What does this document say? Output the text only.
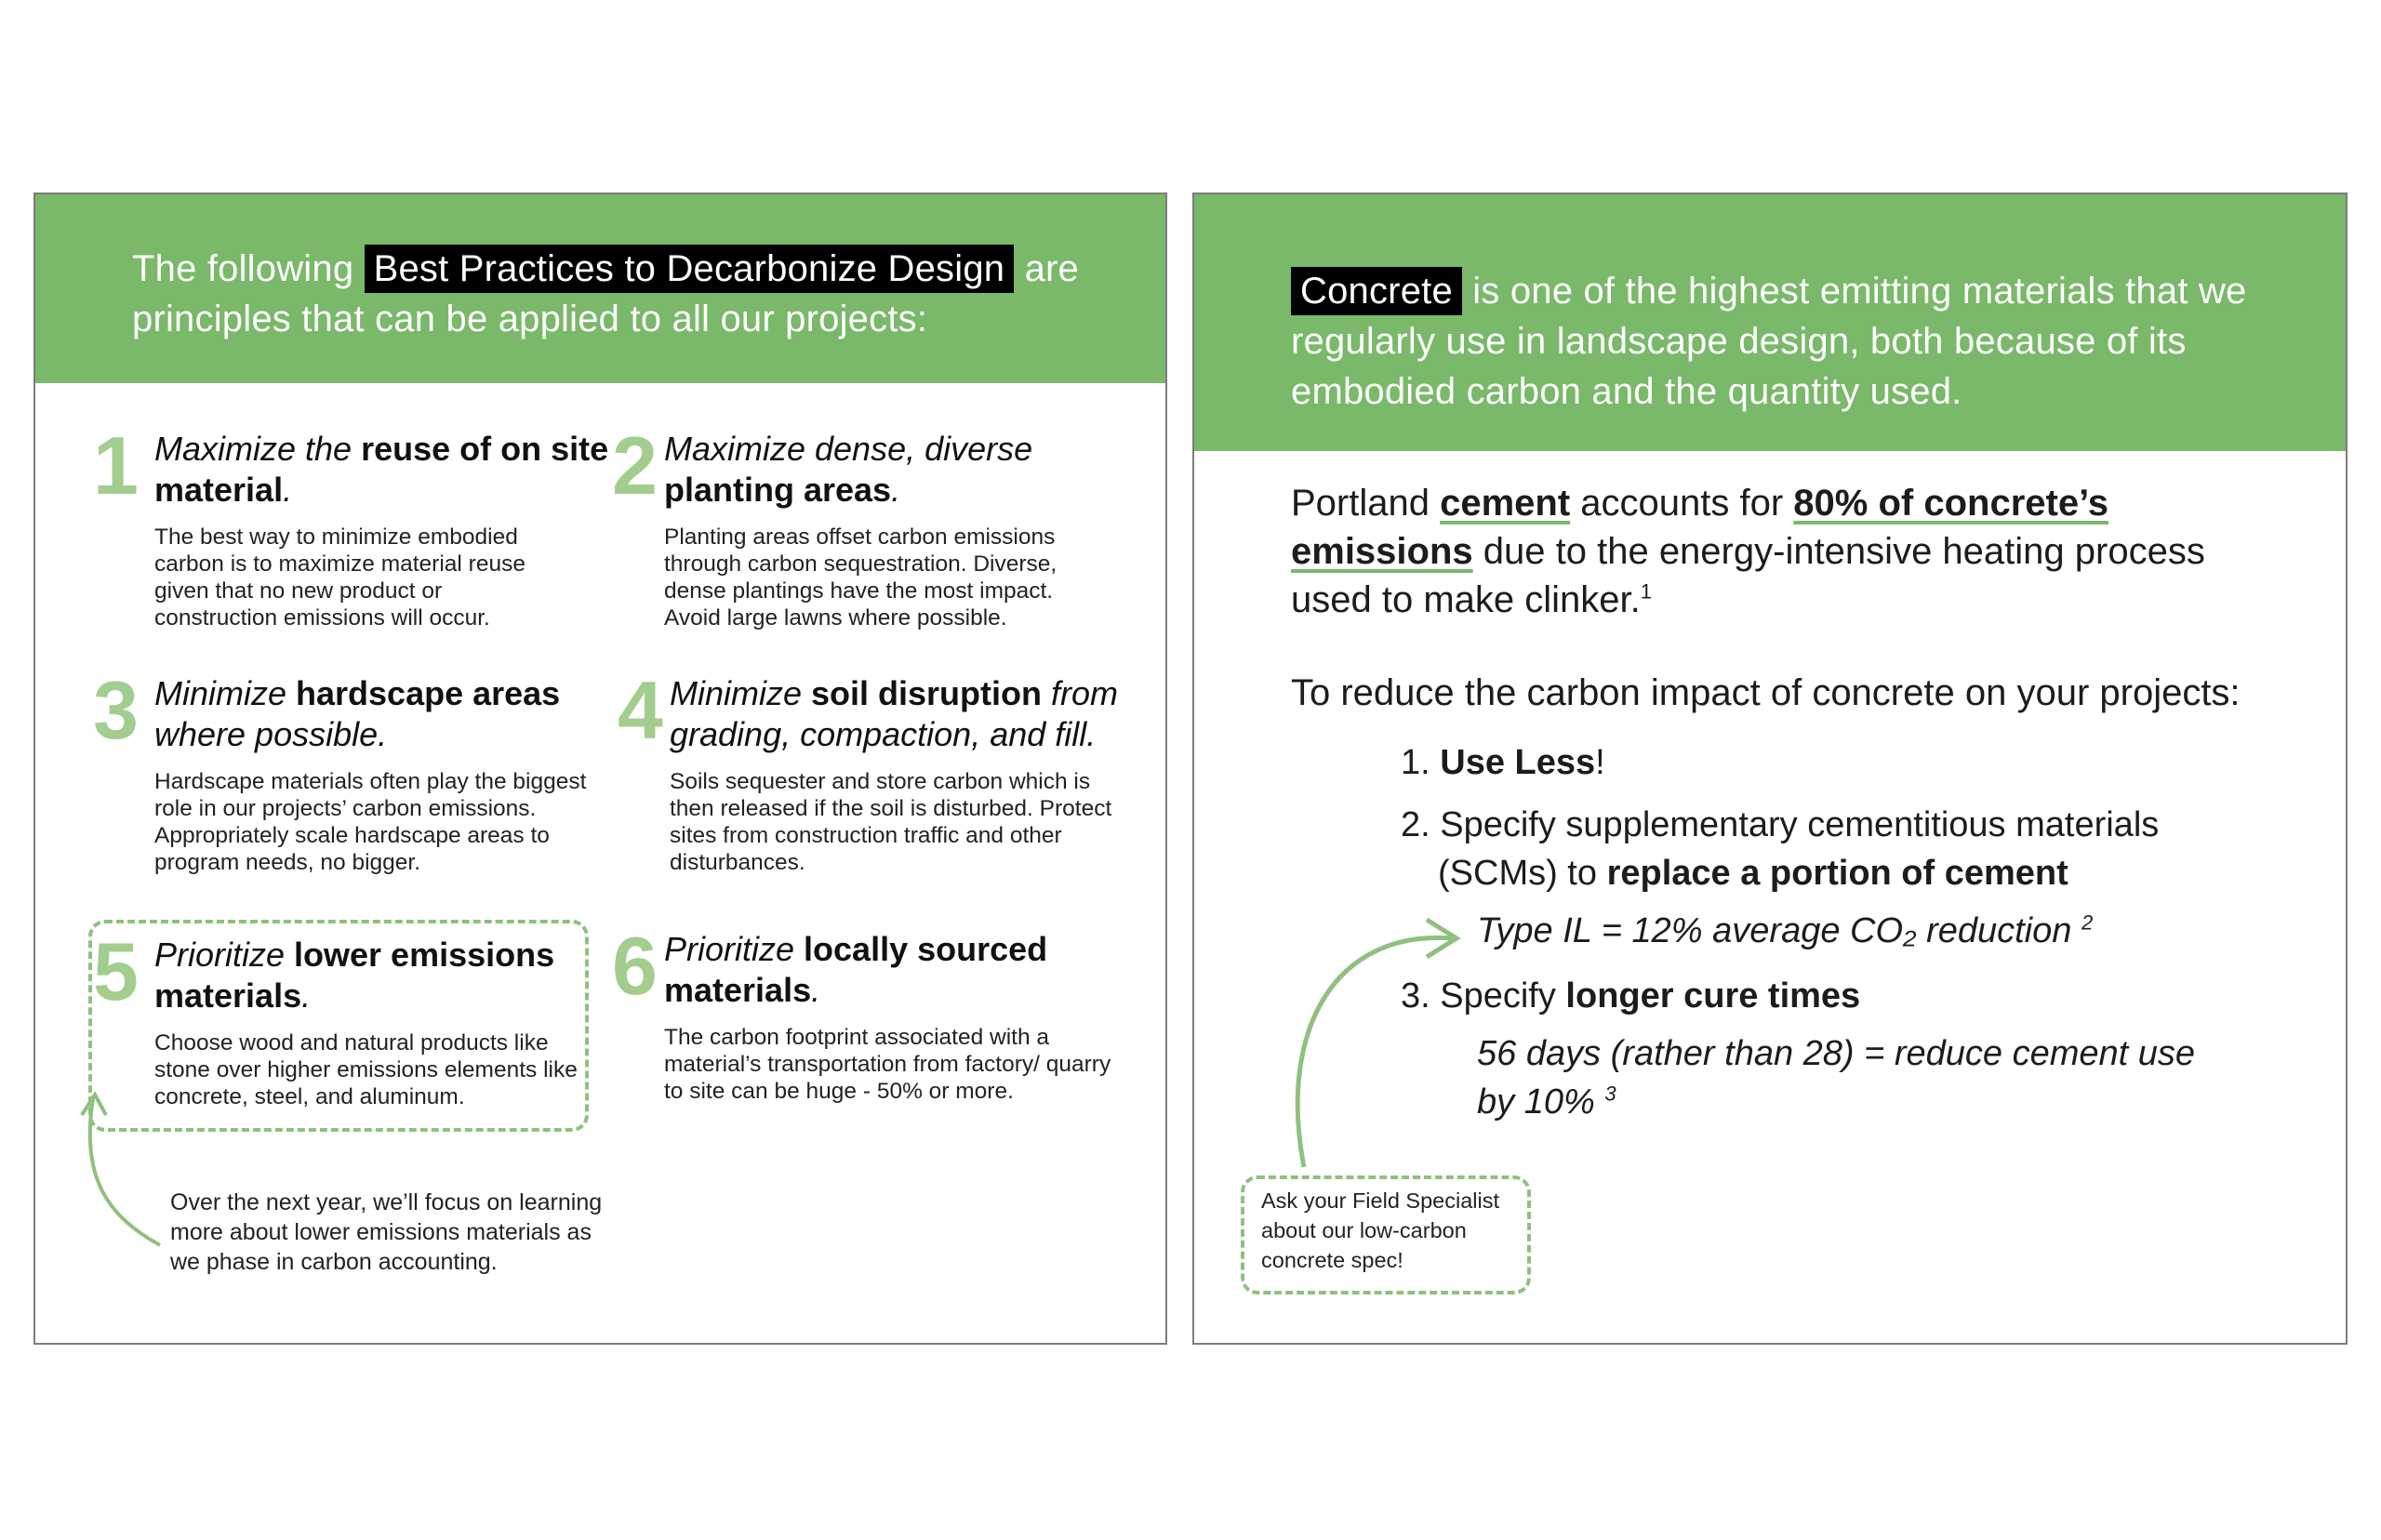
The following Best Practices to Decarbonize Design are principles that can be applied to all our projects:
1 Maximize the reuse of on site material.
The best way to minimize embodied carbon is to maximize material reuse given that no new product or construction emissions will occur.
2 Maximize dense, diverse planting areas.
Planting areas offset carbon emissions through carbon sequestration. Diverse, dense plantings have the most impact. Avoid large lawns where possible.
3 Minimize hardscape areas where possible.
Hardscape materials often play the biggest role in our projects’ carbon emissions. Appropriately scale hardscape areas to program needs, no bigger.
4 Minimize soil disruption from grading, compaction, and fill.
Soils sequester and store carbon which is then released if the soil is disturbed. Protect sites from construction traffic and other disturbances.
5 Prioritize lower emissions materials.
Choose wood and natural products like stone over higher emissions elements like concrete, steel, and aluminum.
6 Prioritize locally sourced materials.
The carbon footprint associated with a material’s transportation from factory/ quarry to site can be huge - 50% or more.
Over the next year, we’ll focus on learning more about lower emissions materials as we phase in carbon accounting.
Concrete is one of the highest emitting materials that we regularly use in landscape design, both because of its embodied carbon and the quantity used.
Portland cement accounts for 80% of concrete’s emissions due to the energy-intensive heating process used to make clinker.$^1$
To reduce the carbon impact of concrete on your projects:
1. Use Less!
2. Specify supplementary cementitious materials (SCMs) to replace a portion of cement
Type IL = 12% average CO₂ reduction $^2$
3. Specify longer cure times
56 days (rather than 28) = reduce cement use by 10% $^3$
Ask your Field Specialist about our low-carbon concrete spec!
